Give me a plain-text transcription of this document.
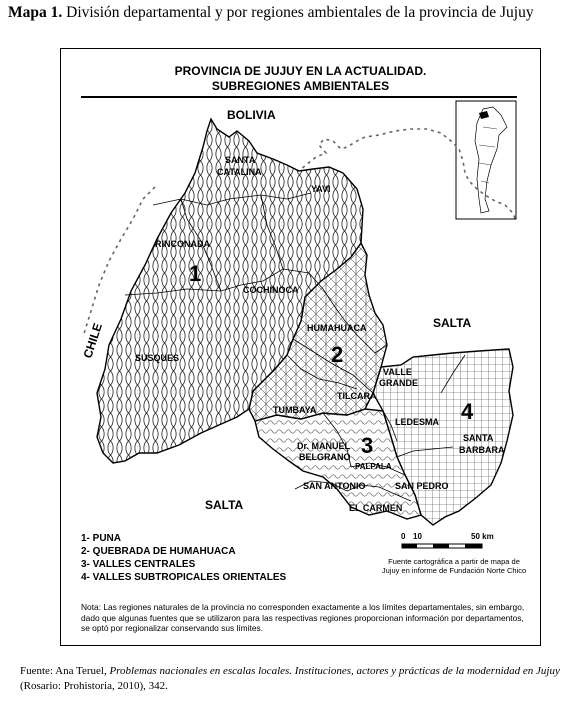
Mapa 1. División departamental y por regiones ambientales de la provincia de Jujuy
PROVINCIA DE JUJUY EN LA ACTUALIDAD.
SUBREGIONES AMBIENTALES
1
2
3
4
BOLIVIA
CHILE	SALTA
SALTA
SANTA
CATALINA
YAVI
RINCONADA
COCHINOCA
SUSQUES
HUMAHUACA
VALLE
GRANDE
TILCARA
TUMBAYA
LEDESMA
SANTA
BARBARA
Dr. MANUEL
BELGRANO
PALPALA
SAN ANTONIO	SAN PEDRO
EL CARMEN
1- PUNA
2- QUEBRADA DE HUMAHUACA
3- VALLES CENTRALES
4- VALLES SUBTROPICALES ORIENTALES
0 10	50 km
Fuente cartográfica a partir de mapa de Jujuy en informe de Fundación Norte Chico
Nota: Las regiones naturales de la provincia no corresponden exactamente a los límites departamentales, sin embargo, dado que algunas fuentes que se utilizaron para las respectivas regiones proporcionan información por departamentos, se optó por regionalizar conservando sus límites.
Fuente: Ana Teruel, Problemas nacionales en escalas locales. Instituciones, actores y prácticas de la modernidad en Jujuy (Rosario: Prohistoria, 2010), 342.
